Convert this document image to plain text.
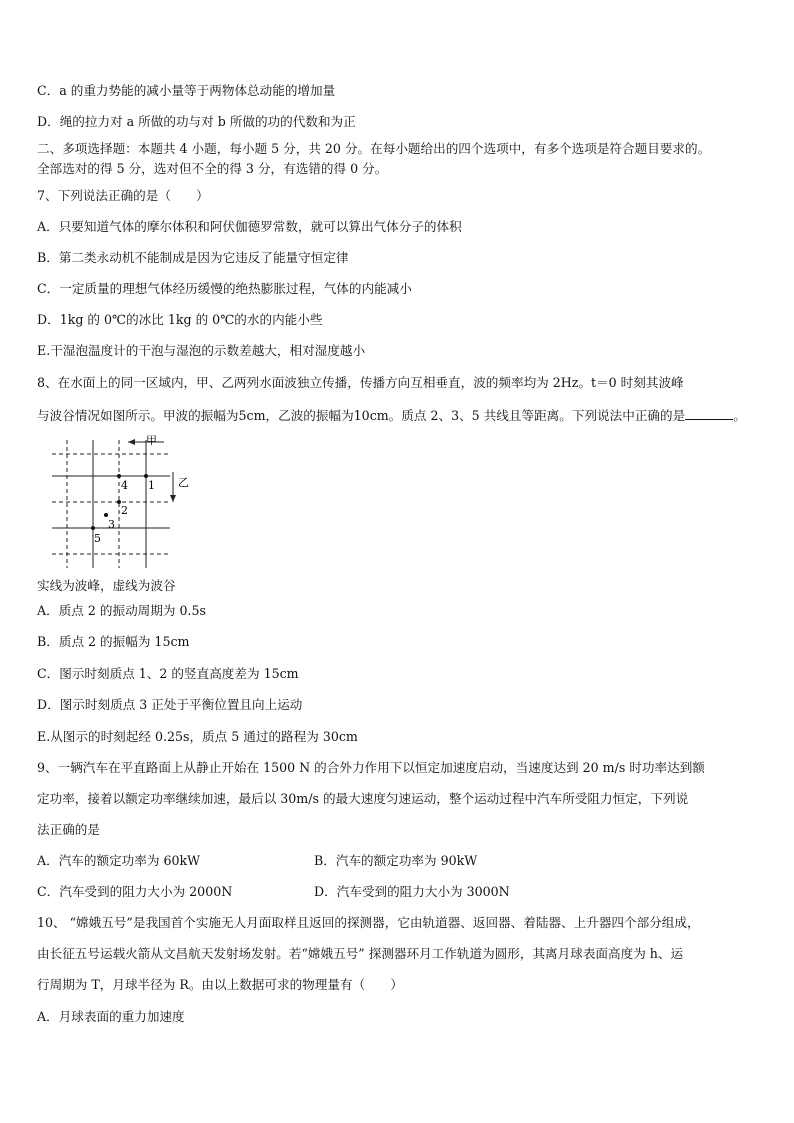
C．a 的重力势能的减小量等于两物体总动能的增加量
D．绳的拉力对 a 所做的功与对 b 所做的功的代数和为正
二、多项选择题：本题共 4 小题，每小题 5 分，共 20 分。在每小题给出的四个选项中，有多个选项是符合题目要求的。
全部选对的得 5 分，选对但不全的得 3 分，有选错的得 0 分。
7、下列说法正确的是（　　）
A．只要知道气体的摩尔体积和阿伏伽德罗常数，就可以算出气体分子的体积
B．第二类永动机不能制成是因为它违反了能量守恒定律
C．一定质量的理想气体经历缓慢的绝热膨胀过程，气体的内能减小
D．1kg 的 0℃的冰比 1kg 的 0℃的水的内能小些
E.干湿泡温度计的干泡与湿泡的示数差越大，相对湿度越小
8、在水面上的同一区域内，甲、乙两列水面波独立传播，传播方向互相垂直，波的频率均为 2Hz。t＝0 时刻其波峰
与波谷情况如图所示。甲波的振幅为5cm，乙波的振幅为10cm。质点 2、3、5 共线且等距离。下列说法中正确的是	。
甲
乙
1
2
3
4
5
实线为波峰，虚线为波谷
A．质点 2 的振动周期为 0.5s
B．质点 2 的振幅为 15cm
C．图示时刻质点 1、2 的竖直高度差为 15cm
D．图示时刻质点 3 正处于平衡位置且向上运动
E.从图示的时刻起经 0.25s，质点 5 通过的路程为 30cm
9、一辆汽车在平直路面上从静止开始在 1500 N 的合外力作用下以恒定加速度启动，当速度达到 20 m/s 时功率达到额
定功率，接着以额定功率继续加速，最后以 30m/s 的最大速度匀速运动，整个运动过程中汽车所受阻力恒定，下列说
法正确的是
A．汽车的额定功率为 60kW	B．汽车的额定功率为 90kW
C．汽车受到的阻力大小为 2000N	D．汽车受到的阻力大小为 3000N
10、 “嫦娥五号”是我国首个实施无人月面取样且返回的探测器，它由轨道器、返回器、着陆器、上升器四个部分组成，
由长征五号运载火箭从文昌航天发射场发射。若“嫦娥五号” 探测器环月工作轨道为圆形，其离月球表面高度为 h、运
行周期为 T，月球半径为 R。由以上数据可求的物理量有（　　）
A．月球表面的重力加速度
